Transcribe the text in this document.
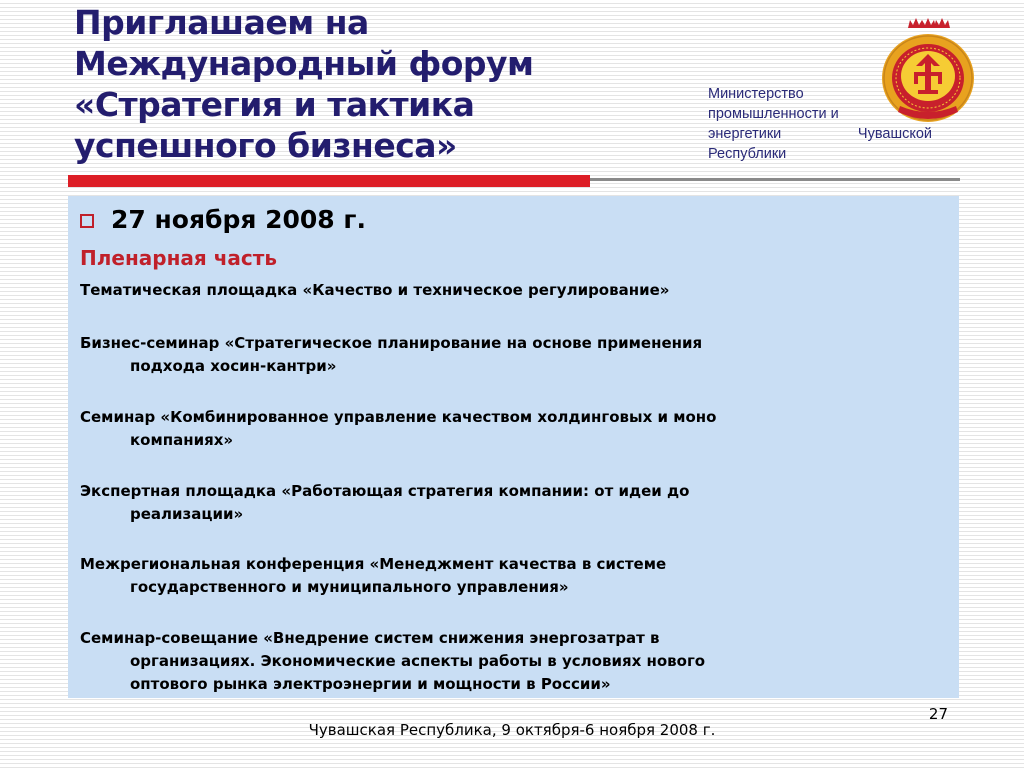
Приглашаем на
Международный форум
«Стратегия и тактика
успешного бизнеса»
Министерство
промышленности и
энергетики	Чувашской
Республики
27 ноября 2008 г.
Пленарная часть
Тематическая площадка «Качество и техническое регулирование»
Бизнес-семинар «Стратегическое планирование на основе применения
подхода хосин-кантри»
Семинар «Комбинированное управление качеством холдинговых и моно
компаниях»
Экспертная площадка «Работающая стратегия компании: от идеи до
реализации»
Межрегиональная конференция «Менеджмент качества в системе
государственного и муниципального управления»
Семинар-совещание «Внедрение систем снижения энергозатрат в
организациях. Экономические аспекты работы в условиях нового
оптового рынка электроэнергии и мощности в России»
27
Чувашская Республика, 9 октября-6 ноября 2008 г.
